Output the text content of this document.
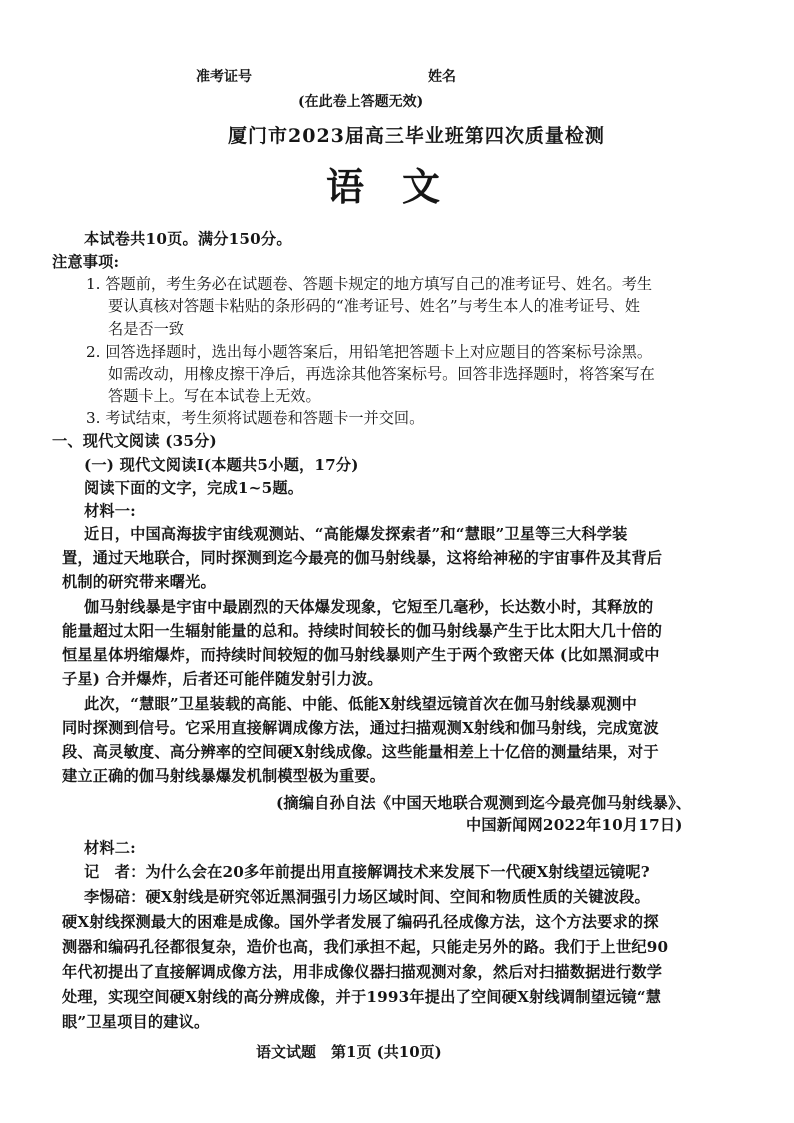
准考证号	姓名
(在此卷上答题无效)
厦门市2023届高三毕业班第四次质量检测
语　文
本试卷共10页。满分150分。
注意事项:
1. 答题前，考生务必在试题卷、答题卡规定的地方填写自己的准考证号、姓名。考生
要认真核对答题卡粘贴的条形码的“准考证号、姓名”与考生本人的准考证号、姓
名是否一致
2. 回答选择题时，选出每小题答案后，用铅笔把答题卡上对应题目的答案标号涂黑。
如需改动，用橡皮擦干净后，再选涂其他答案标号。回答非选择题时，将答案写在
答题卡上。写在本试卷上无效。
3. 考试结束，考生须将试题卷和答题卡一并交回。
一、现代文阅读 (35分)
(一) 现代文阅读Ⅰ(本题共5小题，17分)
阅读下面的文字，完成1~5题。
材料一:
近日，中国高海拔宇宙线观测站、“高能爆发探索者”和“慧眼”卫星等三大科学装
置，通过天地联合，同时探测到迄今最亮的伽马射线暴，这将给神秘的宇宙事件及其背后
机制的研究带来曙光。
伽马射线暴是宇宙中最剧烈的天体爆发现象，它短至几毫秒，长达数小时，其释放的
能量超过太阳一生辐射能量的总和。持续时间较长的伽马射线暴产生于比太阳大几十倍的
恒星星体坍缩爆炸，而持续时间较短的伽马射线暴则产生于两个致密天体 (比如黑洞或中
子星) 合并爆炸，后者还可能伴随发射引力波。
此次，“慧眼”卫星装载的高能、中能、低能X射线望远镜首次在伽马射线暴观测中
同时探测到信号。它采用直接解调成像方法，通过扫描观测X射线和伽马射线，完成宽波
段、高灵敏度、高分辨率的空间硬X射线成像。这些能量相差上十亿倍的测量结果，对于
建立正确的伽马射线暴爆发机制模型极为重要。
(摘编自孙自法《中国天地联合观测到迄今最亮伽马射线暴》、
中国新闻网2022年10月17日)
材料二:
记　者：为什么会在20多年前提出用直接解调技术来发展下一代硬X射线望远镜呢?
李惕碚：硬X射线是研究邻近黑洞强引力场区域时间、空间和物质性质的关键波段。
硬X射线探测最大的困难是成像。国外学者发展了编码孔径成像方法，这个方法要求的探
测器和编码孔径都很复杂，造价也高，我们承担不起，只能走另外的路。我们于上世纪90
年代初提出了直接解调成像方法，用非成像仪器扫描观测对象，然后对扫描数据进行数学
处理，实现空间硬X射线的高分辨成像，并于1993年提出了空间硬X射线调制望远镜“慧
眼”卫星项目的建议。
语文试题　第1页 (共10页)
